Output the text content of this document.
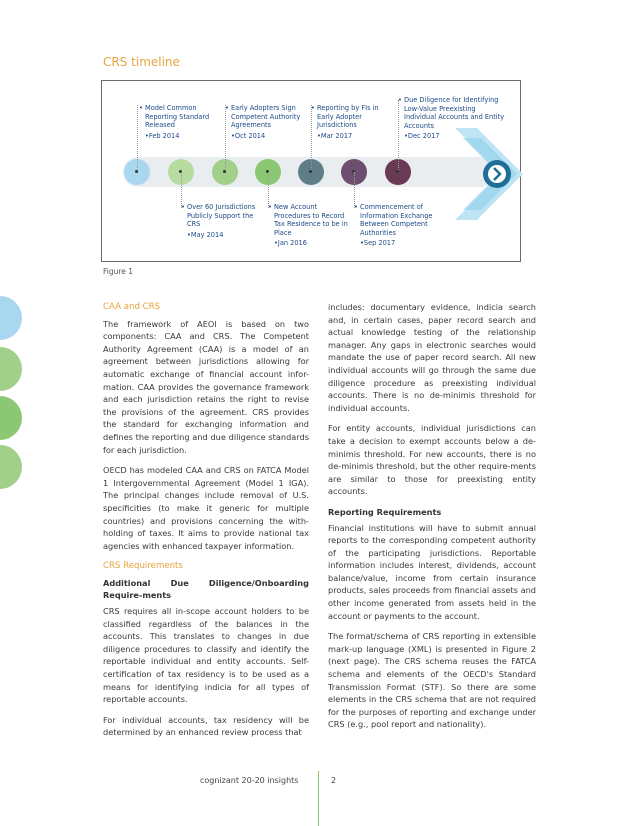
CRS timeline
• Model Common Reporting Standard Released
•Feb 2014
• Early Adopters Sign Competent Authority Agreements
•Oct 2014
• Reporting by FIs in Early Adopter Jurisdictions
•Mar 2017
• Due Diligence for Identifying Low-Value Preexisting Individual Accounts and Entity Accounts
•Dec 2017
• Over 60 Jurisdictions Publicly Support the CRS
•May 2014
• New Account Procedures to Record Tax Residence to be in Place
•Jan 2016
• Commencement of Information Exchange Between Competent Authorities
•Sep 2017
Figure 1
CAA and CRS

The framework of AEOI is based on two components: CAA and CRS. The Competent Authority Agreement (CAA) is a model of an agreement between jurisdictions allowing for automatic exchange of financial account infor-mation. CAA provides the governance framework and each jurisdiction retains the right to revise the provisions of the agreement. CRS provides the standard for exchanging information and defines the reporting and due diligence standards for each jurisdiction.

OECD has modeled CAA and CRS on FATCA Model 1 Intergovernmental Agreement (Model 1 IGA). The principal changes include removal of U.S. specificities (to make it generic for multiple countries) and provisions concerning the with-holding of taxes. It aims to provide national tax agencies with enhanced taxpayer information.

CRS Requirements
Additional Due Diligence/Onboarding Require-ments

CRS requires all in-scope account holders to be classified regardless of the balances in the accounts. This translates to changes in due diligence procedures to classify and identify the reportable individual and entity accounts. Self-certification of tax residency is to be used as a means for identifying indicia for all types of reportable accounts.

For individual accounts, tax residency will be determined by an enhanced review process that

includes: documentary evidence, indicia search and, in certain cases, paper record search and actual knowledge testing of the relationship manager. Any gaps in electronic searches would mandate the use of paper record search. All new individual accounts will go through the same due diligence procedure as preexisting individual accounts. There is no de-minimis threshold for individual accounts.

For entity accounts, individual jurisdictions can take a decision to exempt accounts below a de-minimis threshold. For new accounts, there is no de-minimis threshold, but the other require-ments are similar to those for preexisting entity accounts.

Reporting Requirements

Financial institutions will have to submit annual reports to the corresponding competent authority of the participating jurisdictions. Reportable information includes interest, dividends, account balance/value, income from certain insurance products, sales proceeds from financial assets and other income generated from assets held in the account or payments to the account.

The format/schema of CRS reporting in extensible mark-up language (XML) is presented in Figure 2 (next page). The CRS schema reuses the FATCA schema and elements of the OECD's Standard Transmission Format (STF). So there are some elements in the CRS schema that are not required for the purposes of reporting and exchange under CRS (e.g., pool report and nationality).

cognizant 20-20 insights	2
